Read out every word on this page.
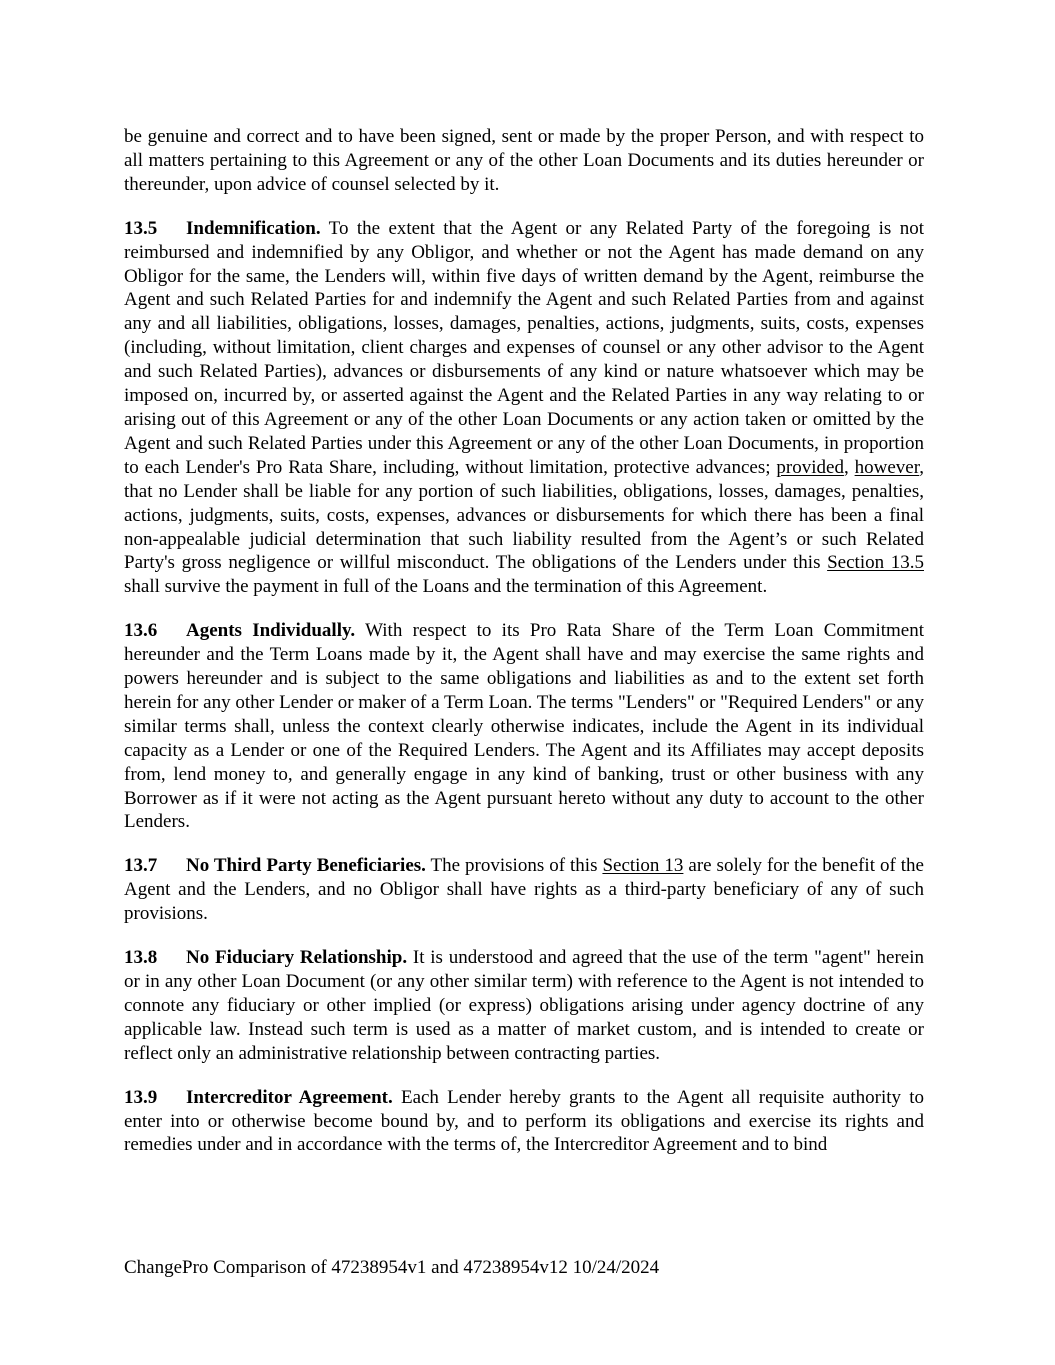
be genuine and correct and to have been signed, sent or made by the proper Person, and with respect to all matters pertaining to this Agreement or any of the other Loan Documents and its duties hereunder or thereunder, upon advice of counsel selected by it.

13.5 Indemnification. To the extent that the Agent or any Related Party of the foregoing is not reimbursed and indemnified by any Obligor, and whether or not the Agent has made demand on any Obligor for the same, the Lenders will, within five days of written demand by the Agent, reimburse the Agent and such Related Parties for and indemnify the Agent and such Related Parties from and against any and all liabilities, obligations, losses, damages, penalties, actions, judgments, suits, costs, expenses (including, without limitation, client charges and expenses of counsel or any other advisor to the Agent and such Related Parties), advances or disbursements of any kind or nature whatsoever which may be imposed on, incurred by, or asserted against the Agent and the Related Parties in any way relating to or arising out of this Agreement or any of the other Loan Documents or any action taken or omitted by the Agent and such Related Parties under this Agreement or any of the other Loan Documents, in proportion to each Lender's Pro Rata Share, including, without limitation, protective advances; provided, however, that no Lender shall be liable for any portion of such liabilities, obligations, losses, damages, penalties, actions, judgments, suits, costs, expenses, advances or disbursements for which there has been a final non-appealable judicial determination that such liability resulted from the Agent’s or such Related Party's gross negligence or willful misconduct. The obligations of the Lenders under this Section 13.5 shall survive the payment in full of the Loans and the termination of this Agreement.

13.6 Agents Individually. With respect to its Pro Rata Share of the Term Loan Commitment hereunder and the Term Loans made by it, the Agent shall have and may exercise the same rights and powers hereunder and is subject to the same obligations and liabilities as and to the extent set forth herein for any other Lender or maker of a Term Loan. The terms "Lenders" or "Required Lenders" or any similar terms shall, unless the context clearly otherwise indicates, include the Agent in its individual capacity as a Lender or one of the Required Lenders. The Agent and its Affiliates may accept deposits from, lend money to, and generally engage in any kind of banking, trust or other business with any Borrower as if it were not acting as the Agent pursuant hereto without any duty to account to the other Lenders.

13.7 No Third Party Beneficiaries. The provisions of this Section 13 are solely for the benefit of the Agent and the Lenders, and no Obligor shall have rights as a third-party beneficiary of any of such provisions.

13.8 No Fiduciary Relationship. It is understood and agreed that the use of the term "agent" herein or in any other Loan Document (or any other similar term) with reference to the Agent is not intended to connote any fiduciary or other implied (or express) obligations arising under agency doctrine of any applicable law. Instead such term is used as a matter of market custom, and is intended to create or reflect only an administrative relationship between contracting parties.

13.9 Intercreditor Agreement. Each Lender hereby grants to the Agent all requisite authority to enter into or otherwise become bound by, and to perform its obligations and exercise its rights and remedies under and in accordance with the terms of, the Intercreditor Agreement and to bind

ChangePro Comparison of 47238954v1 and 47238954v12 10/24/2024
